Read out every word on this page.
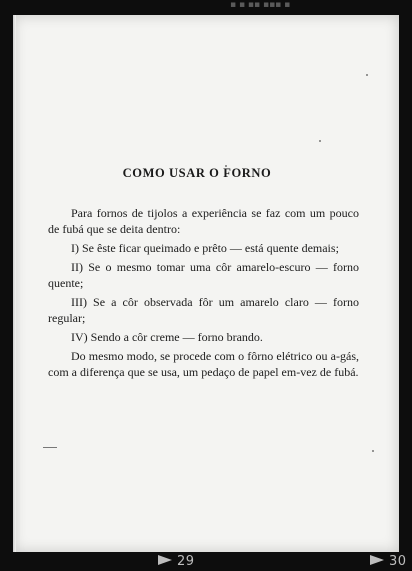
▪ ▪ ▪▪ ▪▪▪ ▪
COMO USAR O FORNO

Para fornos de tijolos a experiência se faz com um pouco de fubá que se deita dentro:

I) Se êste ficar queimado e prêto — está quente demais;

II) Se o mesmo tomar uma côr amarelo-escuro — forno quente;

III) Se a côr observada fôr um amarelo claro — forno regular;

IV) Sendo a côr creme — forno brando.

Do mesmo modo, se procede com o fôrno elétrico ou a-gás, com a diferença que se usa, um pedaço de papel em-vez de fubá.

29	30
